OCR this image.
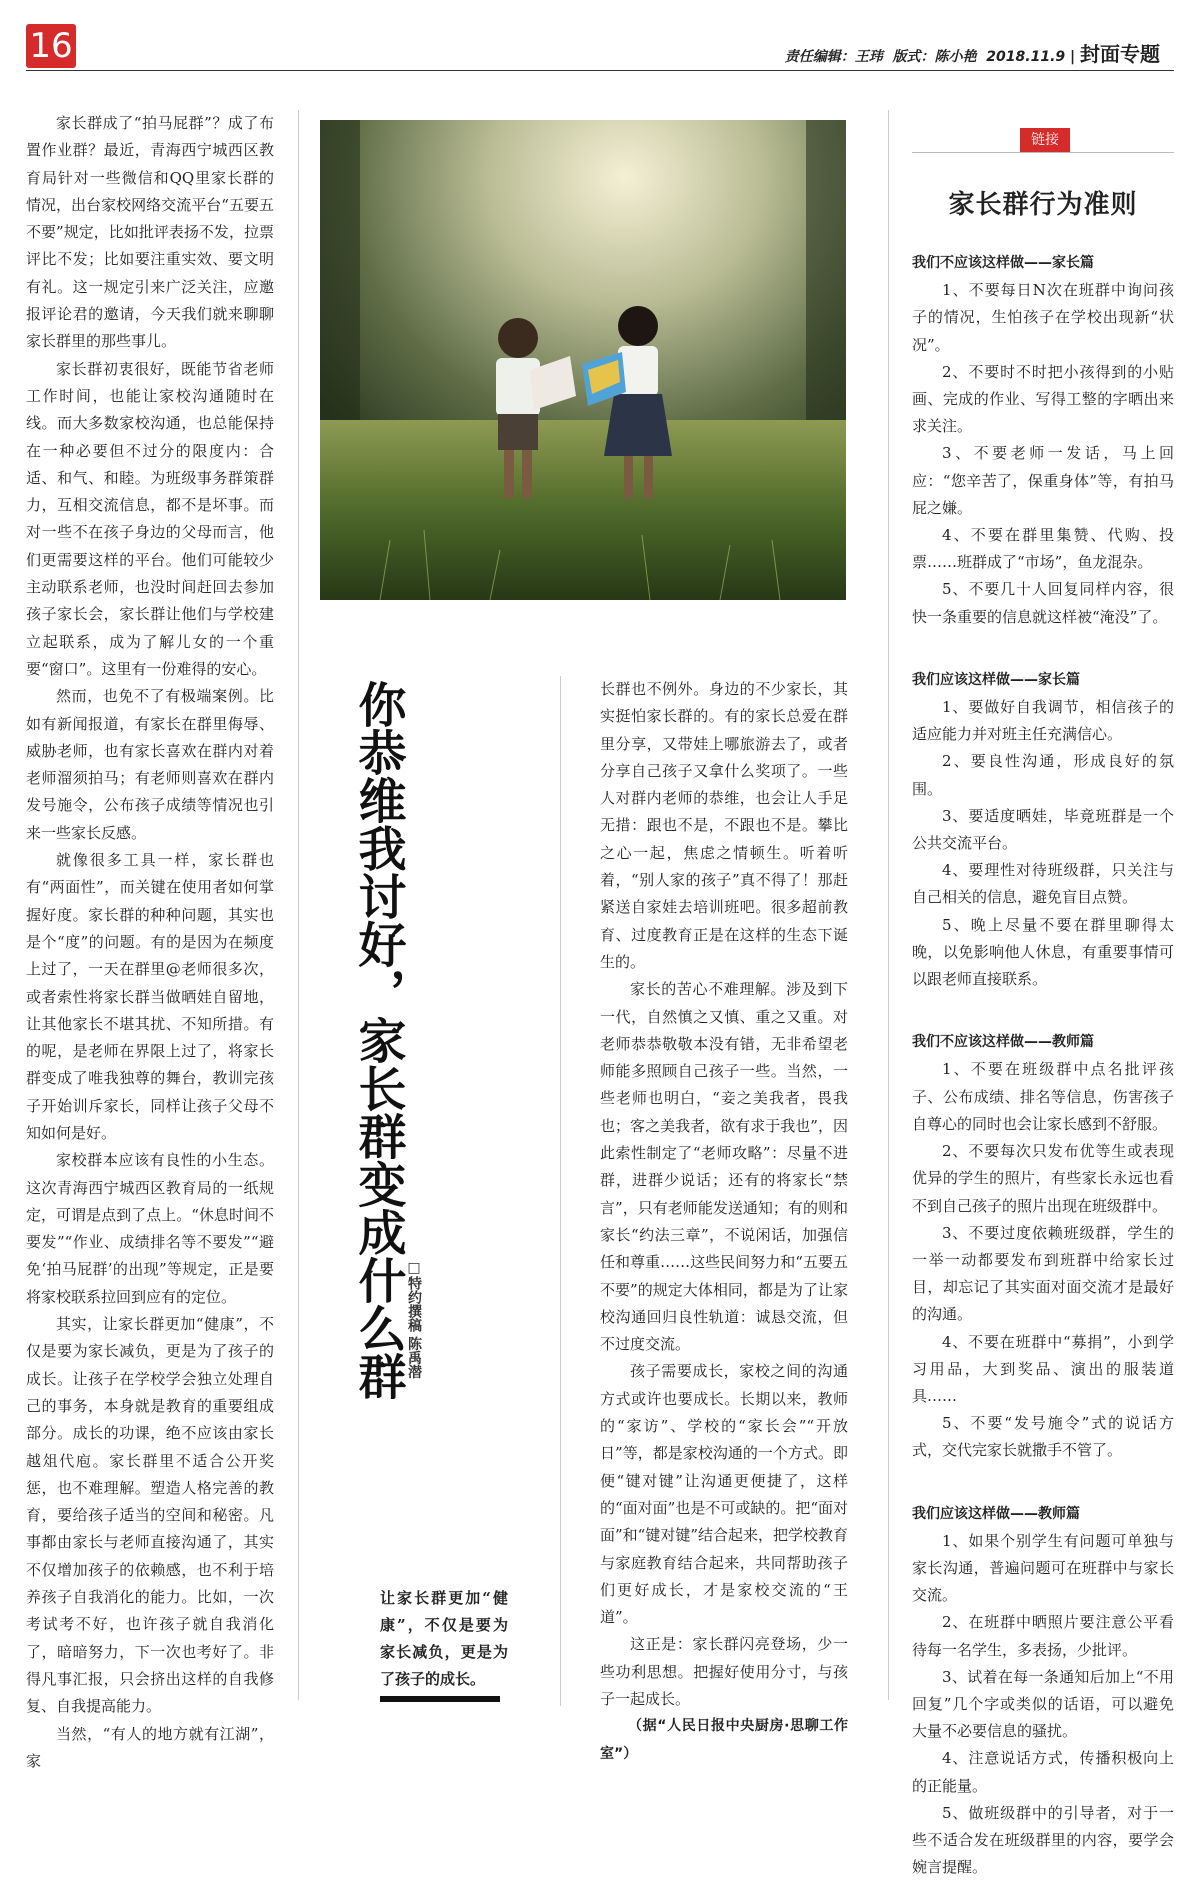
16	责任编辑：王玮 版式：陈小艳 2018.11.9 | 封面专题

家长群成了“拍马屁群”？成了布置作业群？最近，青海西宁城西区教育局针对一些微信和QQ里家长群的情况，出台家校网络交流平台“五要五不要”规定，比如批评表扬不发，拉票评比不发；比如要注重实效、要文明有礼。这一规定引来广泛关注，应邀报评论君的邀请，今天我们就来聊聊家长群里的那些事儿。

家长群初衷很好，既能节省老师工作时间，也能让家校沟通随时在线。而大多数家校沟通，也总能保持在一种必要但不过分的限度内：合适、和气、和睦。为班级事务群策群力，互相交流信息，都不是坏事。而对一些不在孩子身边的父母而言，他们更需要这样的平台。他们可能较少主动联系老师，也没时间赶回去参加孩子家长会，家长群让他们与学校建立起联系，成为了解儿女的一个重要“窗口”。这里有一份难得的安心。

然而，也免不了有极端案例。比如有新闻报道，有家长在群里侮辱、威胁老师，也有家长喜欢在群内对着老师溜须拍马；有老师则喜欢在群内发号施令，公布孩子成绩等情况也引来一些家长反感。

就像很多工具一样，家长群也有“两面性”，而关键在使用者如何掌握好度。家长群的种种问题，其实也是个“度”的问题。有的是因为在频度上过了，一天在群里@老师很多次，或者索性将家长群当做晒娃自留地，让其他家长不堪其扰、不知所措。有的呢，是老师在界限上过了，将家长群变成了唯我独尊的舞台，教训完孩子开始训斥家长，同样让孩子父母不知如何是好。

家校群本应该有良性的小生态。这次青海西宁城西区教育局的一纸规定，可谓是点到了点上。“休息时间不要发”“作业、成绩排名等不要发”“避免‘拍马屁群’的出现”等规定，正是要将家校联系拉回到应有的定位。

其实，让家长群更加“健康”，不仅是要为家长减负，更是为了孩子的成长。让孩子在学校学会独立处理自己的事务，本身就是教育的重要组成部分。成长的功课，绝不应该由家长越俎代庖。家长群里不适合公开奖惩，也不难理解。塑造人格完善的教育，要给孩子适当的空间和秘密。凡事都由家长与老师直接沟通了，其实不仅增加孩子的依赖感，也不利于培养孩子自我消化的能力。比如，一次考试考不好，也许孩子就自我消化了，暗暗努力，下一次也考好了。非得凡事汇报，只会挤出这样的自我修复、自我提高能力。

当然，“有人的地方就有江湖”，家

你恭维我讨好，家长群变成什么群 □特约撰稿 陈禹潜
让家长群更加“健康”，不仅是要为家长减负，更是为了孩子的成长。

长群也不例外。身边的不少家长，其实挺怕家长群的。有的家长总爱在群里分享，又带娃上哪旅游去了，或者分享自己孩子又拿什么奖项了。一些人对群内老师的恭维，也会让人手足无措：跟也不是，不跟也不是。攀比之心一起，焦虑之情顿生。听着听着，“别人家的孩子”真不得了！那赶紧送自家娃去培训班吧。很多超前教育、过度教育正是在这样的生态下诞生的。

家长的苦心不难理解。涉及到下一代，自然慎之又慎、重之又重。对老师恭恭敬敬本没有错，无非希望老师能多照顾自己孩子一些。当然，一些老师也明白，“妾之美我者，畏我也；客之美我者，欲有求于我也”，因此索性制定了“老师攻略”：尽量不进群，进群少说话；还有的将家长“禁言”，只有老师能发送通知；有的则和家长“约法三章”，不说闲话，加强信任和尊重……这些民间努力和“五要五不要”的规定大体相同，都是为了让家校沟通回归良性轨道：诚恳交流，但不过度交流。

孩子需要成长，家校之间的沟通方式或许也要成长。长期以来，教师的“家访”、学校的“家长会”“开放日”等，都是家校沟通的一个方式。即便“键对键”让沟通更便捷了，这样的“面对面”也是不可或缺的。把“面对面”和“键对键”结合起来，把学校教育与家庭教育结合起来，共同帮助孩子们更好成长，才是家校交流的“王道”。

这正是：家长群闪亮登场，少一些功利思想。把握好使用分寸，与孩子一起成长。

（据“人民日报中央厨房·思聊工作室”）

链接
家长群行为准则
我们不应该这样做——家长篇

1、不要每日N次在班群中询问孩子的情况，生怕孩子在学校出现新“状况”。

2、不要时不时把小孩得到的小贴画、完成的作业、写得工整的字晒出来求关注。

3、不要老师一发话，马上回应：“您辛苦了，保重身体”等，有拍马屁之嫌。

4、不要在群里集赞、代购、投票……班群成了“市场”，鱼龙混杂。

5、不要几十人回复同样内容，很快一条重要的信息就这样被“淹没”了。

我们应该这样做——家长篇

1、要做好自我调节，相信孩子的适应能力并对班主任充满信心。

2、要良性沟通，形成良好的氛围。

3、要适度晒娃，毕竟班群是一个公共交流平台。

4、要理性对待班级群，只关注与自己相关的信息，避免盲目点赞。

5、晚上尽量不要在群里聊得太晚，以免影响他人休息，有重要事情可以跟老师直接联系。

我们不应该这样做——教师篇

1、不要在班级群中点名批评孩子、公布成绩、排名等信息，伤害孩子自尊心的同时也会让家长感到不舒服。

2、不要每次只发布优等生或表现优异的学生的照片，有些家长永远也看不到自己孩子的照片出现在班级群中。

3、不要过度依赖班级群，学生的一举一动都要发布到班群中给家长过目，却忘记了其实面对面交流才是最好的沟通。

4、不要在班群中“募捐”，小到学习用品，大到奖品、演出的服装道具……

5、不要“发号施令”式的说话方式，交代完家长就撒手不管了。

我们应该这样做——教师篇

1、如果个别学生有问题可单独与家长沟通，普遍问题可在班群中与家长交流。

2、在班群中晒照片要注意公平看待每一名学生，多表扬，少批评。

3、试着在每一条通知后加上“不用回复”几个字或类似的话语，可以避免大量不必要信息的骚扰。

4、注意说话方式，传播积极向上的正能量。

5、做班级群中的引导者，对于一些不适合发在班级群里的内容，要学会婉言提醒。
